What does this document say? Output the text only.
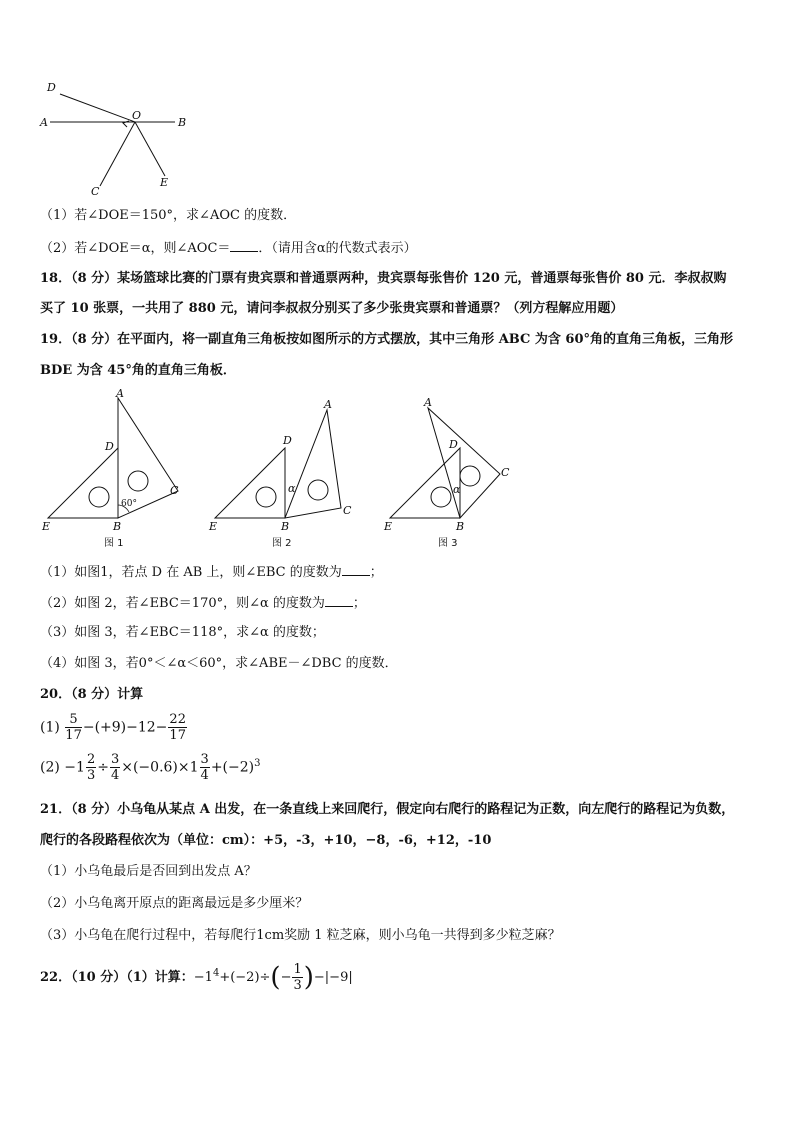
D
A
O
B
C
E
（1）若∠DOE＝150°，求∠AOC 的度数．
（2）若∠DOE＝α，则∠AOC＝ ．（请用含α的代数式表示）
18．（8 分）某场篮球比赛的门票有贵宾票和普通票两种，贵宾票每张售价 120 元，普通票每张售价 80 元．李叔叔购
买了 10 张票，一共用了 880 元，请问李叔叔分别买了多少张贵宾票和普通票？（列方程解应用题）
19．（8 分）在平面内，将一副直角三角板按如图所示的方式摆放，其中三角形 ABC 为含 60°角的直角三角板，三角形
BDE 为含 45°角的直角三角板．
60°
A
D
C
E	B
图 1
α
A
D
C
E	B
图 2
α
A
D
C
E	B
图 3
（1）如图1，若点 D 在 AB 上，则∠EBC 的度数为 ；
（2）如图 2，若∠EBC＝170°，则∠α 的度数为 ；
（3）如图 3，若∠EBC＝118°，求∠α 的度数；
（4）如图 3，若0°＜∠α＜60°，求∠ABE－∠DBC 的度数．
20．（8 分）计算
$(1) \frac{5}{17} -(+9)-12- \frac{22}{17}$
$(2) -1 \frac{2}{3} \div \frac{3}{4} \times(-0.6)\times 1 \frac{3}{4} +(-2)^3$
21．（8 分）小乌龟从某点 A 出发，在一条直线上来回爬行，假定向右爬行的路程记为正数，向左爬行的路程记为负数，
爬行的各段路程依次为（单位：cm）：+5，-3，+10，−8，-6，+12，-10
（1）小乌龟最后是否回到出发点 A？
（2）小乌龟离开原点的距离最远是多少厘米？
（3）小乌龟在爬行过程中，若每爬行1cm奖励 1 粒芝麻，则小乌龟一共得到多少粒芝麻？
22．（10 分）（1）计算：$-1^4+(-2)\div(- \frac{1}{3} )-|-9|$
